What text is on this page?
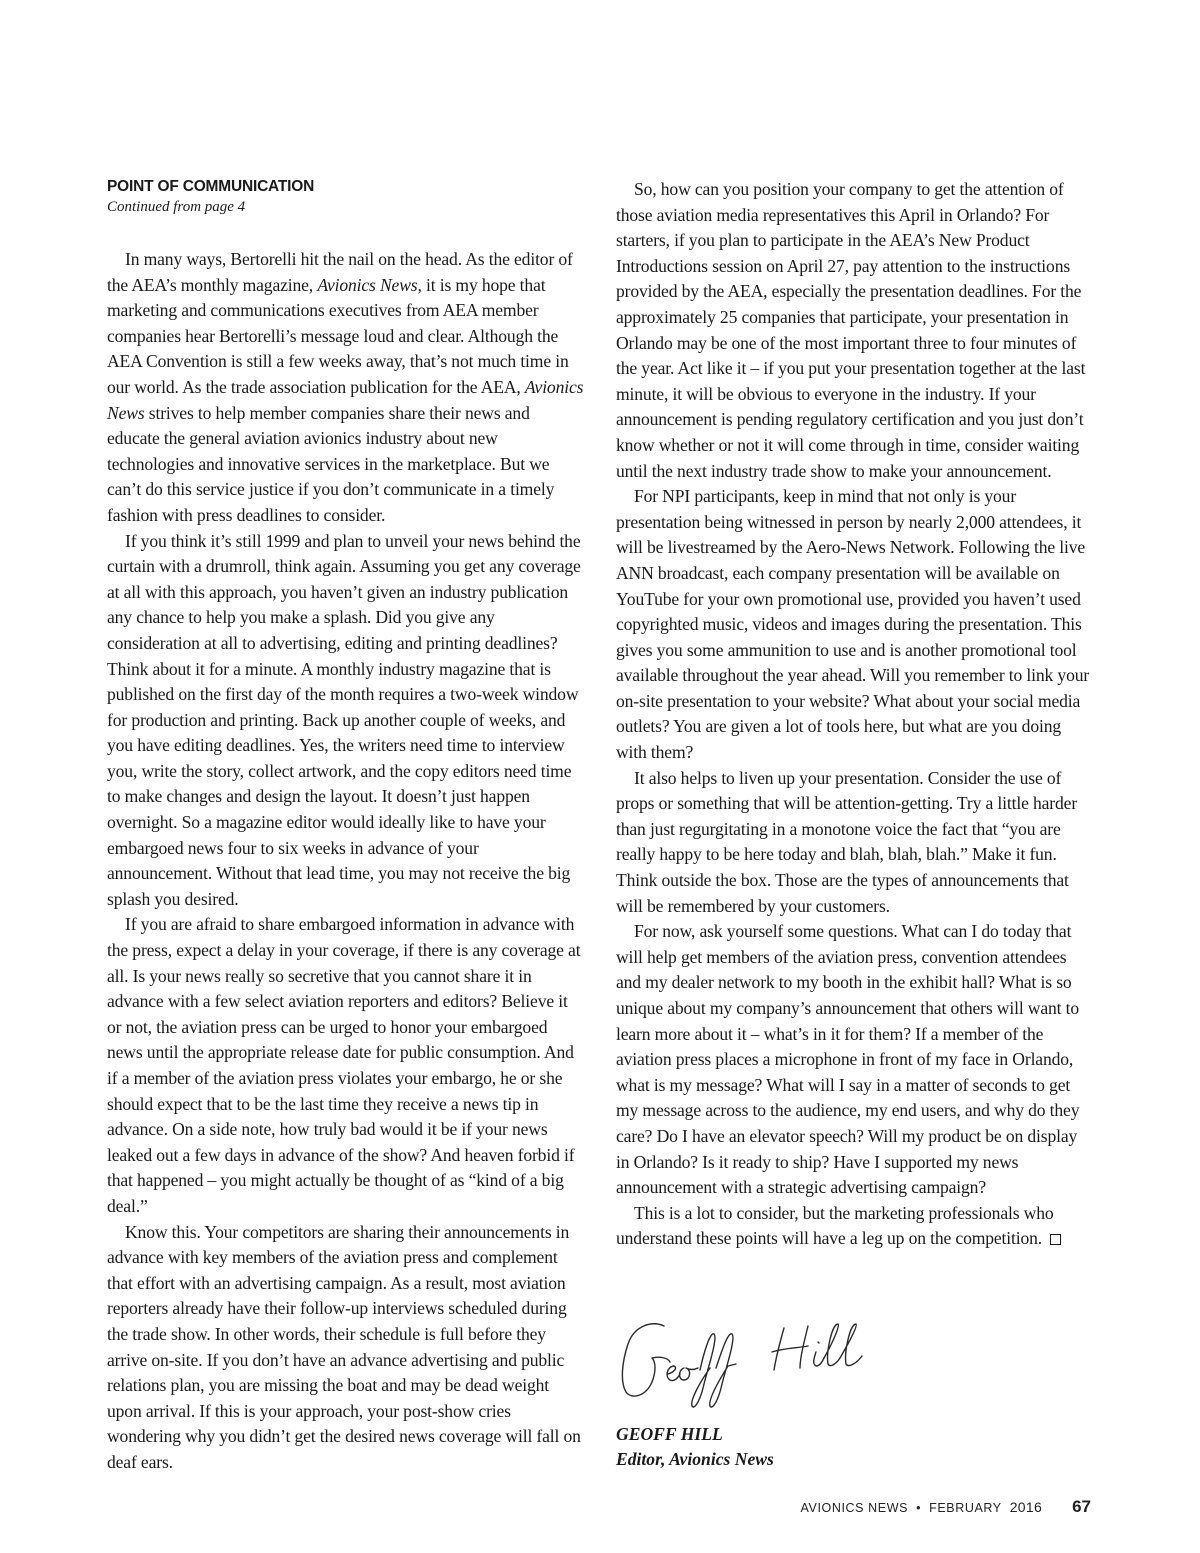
POINT OF COMMUNICATION
Continued from page 4

In many ways, Bertorelli hit the nail on the head. As the editor of the AEA’s monthly magazine, Avionics News, it is my hope that marketing and communications executives from AEA member companies hear Bertorelli’s message loud and clear. Although the AEA Convention is still a few weeks away, that’s not much time in our world. As the trade association publication for the AEA, Avionics News strives to help member companies share their news and educate the general aviation avionics industry about new technologies and innovative services in the marketplace. But we can’t do this service justice if you don’t communicate in a timely fashion with press deadlines to consider.

If you think it’s still 1999 and plan to unveil your news behind the curtain with a drumroll, think again. Assuming you get any coverage at all with this approach, you haven’t given an industry publication any chance to help you make a splash. Did you give any consideration at all to advertising, editing and printing deadlines? Think about it for a minute. A monthly industry magazine that is published on the first day of the month requires a two-week window for production and printing. Back up another couple of weeks, and you have editing deadlines. Yes, the writers need time to interview you, write the story, collect artwork, and the copy editors need time to make changes and design the layout. It doesn’t just happen overnight. So a magazine editor would ideally like to have your embargoed news four to six weeks in advance of your announcement. Without that lead time, you may not receive the big splash you desired.

If you are afraid to share embargoed information in advance with the press, expect a delay in your coverage, if there is any coverage at all. Is your news really so secretive that you cannot share it in advance with a few select aviation reporters and editors? Believe it or not, the aviation press can be urged to honor your embargoed news until the appropriate release date for public consumption. And if a member of the aviation press violates your embargo, he or she should expect that to be the last time they receive a news tip in advance. On a side note, how truly bad would it be if your news leaked out a few days in advance of the show? And heaven forbid if that happened – you might actually be thought of as “kind of a big deal.”

Know this. Your competitors are sharing their announcements in advance with key members of the aviation press and complement that effort with an advertising campaign. As a result, most aviation reporters already have their follow-up interviews scheduled during the trade show. In other words, their schedule is full before they arrive on-site. If you don’t have an advance advertising and public relations plan, you are missing the boat and may be dead weight upon arrival. If this is your approach, your post-show cries wondering why you didn’t get the desired news coverage will fall on deaf ears.

So, how can you position your company to get the attention of those aviation media representatives this April in Orlando? For starters, if you plan to participate in the AEA’s New Product Introductions session on April 27, pay attention to the instructions provided by the AEA, especially the presentation deadlines. For the approximately 25 companies that participate, your presentation in Orlando may be one of the most important three to four minutes of the year. Act like it – if you put your presentation together at the last minute, it will be obvious to everyone in the industry. If your announcement is pending regulatory certification and you just don’t know whether or not it will come through in time, consider waiting until the next industry trade show to make your announcement.

For NPI participants, keep in mind that not only is your presentation being witnessed in person by nearly 2,000 attendees, it will be livestreamed by the Aero-News Network. Following the live ANN broadcast, each company presentation will be available on YouTube for your own promotional use, provided you haven’t used copyrighted music, videos and images during the presentation. This gives you some ammunition to use and is another promotional tool available throughout the year ahead. Will you remember to link your on-site presentation to your website? What about your social media outlets? You are given a lot of tools here, but what are you doing with them?

It also helps to liven up your presentation. Consider the use of props or something that will be attention-getting. Try a little harder than just regurgitating in a monotone voice the fact that “you are really happy to be here today and blah, blah, blah.” Make it fun. Think outside the box. Those are the types of announcements that will be remembered by your customers.

For now, ask yourself some questions. What can I do today that will help get members of the aviation press, convention attendees and my dealer network to my booth in the exhibit hall? What is so unique about my company’s announcement that others will want to learn more about it – what’s in it for them? If a member of the aviation press places a microphone in front of my face in Orlando, what is my message? What will I say in a matter of seconds to get my message across to the audience, my end users, and why do they care? Do I have an elevator speech? Will my product be on display in Orlando? Is it ready to ship? Have I supported my news announcement with a strategic advertising campaign?

This is a lot to consider, but the marketing professionals who understand these points will have a leg up on the competition.

GEOFF HILL
Editor, Avionics News
AVIONICS NEWS • FEBRUARY 2016 67
